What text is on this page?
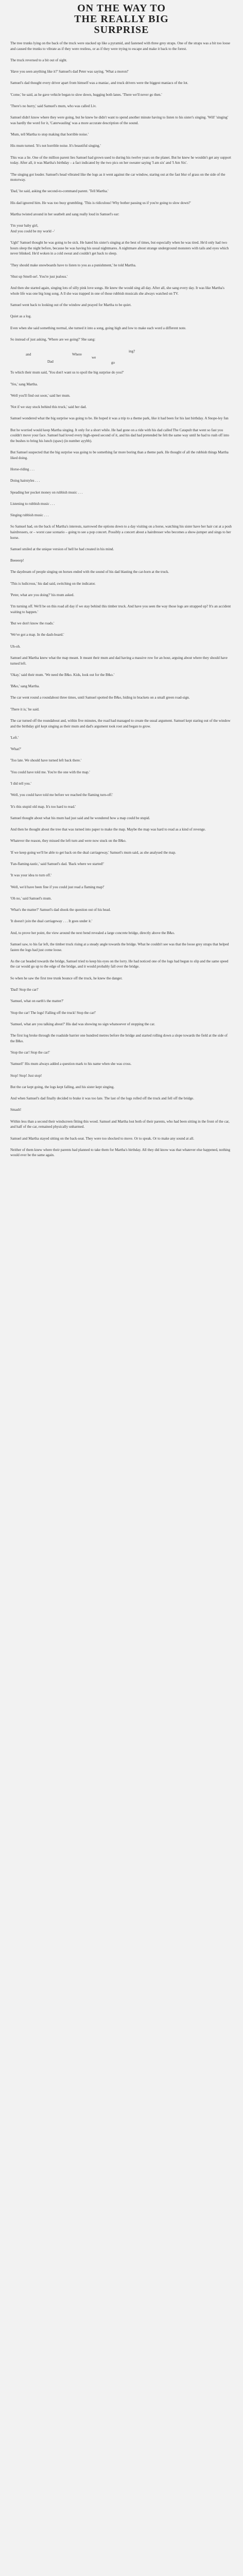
ON THE WAY TO
THE REALLY BIG
SURPRISE

The tree trunks lying on the back of the truck were stacked up like a pyramid, and fastened with three grey straps. One of the straps was a bit too loose and caused the trunks to vibrate as if they were restless, or as if they were trying to escape and make it back to the forest.

The truck reversed to a bit out of sight.

'Have you seen anything like it?' Samuel's dad Peter was saying. 'What a moron!'

Samuel's dad thought every driver apart from himself was a maniac, and truck drivers were the biggest maniacs of the lot.

'Come,' he said, as he gave vehicle began to slow down, hugging both lanes. 'There we'll never go then.'

'There's no hurry,' said Samuel's mum, who was called Liv.

Samuel didn't know where they were going, but he knew he didn't want to spend another minute having to listen to his sister's singing. 'Will' 'singing' was hardly the word for it, 'Caterwauling' was a more accurate description of the sound.

'Mum, tell Martha to stop making that horrible noise.'

His mum turned. 'It's not horrible noise. It's beautiful singing.'

This was a lie. One of the million parent lies Samuel had grown used to during his twelve years on the planet. But he knew he wouldn't get any support today. After all, it was Martha's birthday – a fact indicated by the two pics on her sweater saying 'I am six' and 'I Am Six'.

'The singing got louder. Samuel's head vibrated like the logs as it went against the car window, staring out at the fast blur of grass on the side of the motorway.

'Dad,' he said, asking the second-to-command parent. 'Tell Martha.'

His dad ignored him. He was too busy grumbling. 'This is ridiculous! Why bother passing us if you're going to slow down?'

Martha twisted around in her seatbelt and sang really loud in Samuel's ear:

'I'm your baby girl,
And you could be my world –'

'Ugh!' Samuel thought he was going to be sick. He hated his sister's singing at the best of times, but especially when he was tired. He'd only had two hours sleep the night before, because he was having his usual nightmares. A nightmare about strange underground monsters with tails and eyes which never blinked. He'd woken in a cold sweat and couldn't get back to sleep.

'They should make snowboards have to listen to you as a punishment,' he told Martha.

'Shut up Smell-ue!. You're just jealous.'

And then she started again, singing lots of silly pink love songs. He knew the would sing all day. After all, she sang every day. It was like Martha's whole life was one big long song. A ll she was trapped in one of those rubbish musicals she always watched on TV.

Samuel went back to looking out of the window and prayed for Martha to be quiet.

Quiet as a log.

Even when she said something normal, she turned it into a song, going high and low to make each word a different note.

So instead of just asking, 'Where are we going?' She sang:

and	Where
ing?
we
Dad	go

To which their mum said, 'You don't want us to spoil the big surprise do you?'

'Yes,' sang Martha.

'Well you'll find out soon,' said her mum.

'Not if we stay stuck behind this truck,' said her dad.

Samuel wondered what the big surprise was going to be. He hoped it was a trip to a theme park, like it had been for his last birthday. A Snope-ley fun

But he worried would keep Martha singing. It only for a short while. He had gone on a ride with his dad called The Catapult that went so fast you couldn't move your face. Samuel had loved every high-speed second of it, and his dad had pretended he felt the same way until he had to rush off into the bushes to bring his lunch (spaw) (in number ayybb).

But Samuel suspected that the big surprise was going to be something far more boring than a theme park. He thought of all the rubbish things Martha liked doing.

Horse-riding . . .

Doing hairstyles . . .

Speading her pocket money on rubbish music . . .

Listening to rubbish music . . .

Singing rubbish music . . .

So Samuel had, on the back of Martha's interests, narrowed the options down to a day visiting on a horse, watching his sister have her hair cut at a posh hairdressers, or – worst case scenario – going to see a pop concert. Possibly a concert about a hairdresser who becomes a show-jumper and sings to her horse.

Samuel smiled at the unique version of hell he had created in his mind.

Beeeeep!

The daydream of people singing on horses ended with the sound of his dad blasting the car-horn at the truck.

'This is ludicrous,' his dad said, switching on the indicator.

'Peter, what are you doing?' his mum asked.

'I'm turning off. We'll be on this road all day if we stay behind this timber truck. And have you seen the way those logs are strapped up? It's an accident waiting to happen.'

'But we don't know the roads.'

'We've got a map. In the dash-board.'

Uh-oh.

Samuel and Martha knew what the map meant. It meant their mum and dad having a massive row for an hour, arguing about where they should have turned left.

'Okay,' said their mum. 'We need the B&o. Kids, look out for the B&o.'

'B&o,' sang Martha.

The car went round a roundabout three times, until Samuel spotted the B&o, hiding in brackets on a small green road-sign.

'There it is,' he said.

The car turned off the roundabout and, within five minutes, the road had managed to create the usual argument. Samuel kept staring out of the window and the birthday girl kept singing as their mum and dad's argument took root and began to grow.

'Left.'

'What?'

'Too late. We should have turned left back there.'

'You could have told me. You're the one with the map.'

'I did tell you.'

'Well, you could have told me before we reached the flaming turn-off.'

'It's this stupid old map. It's too hard to read.'

Samuel thought about what his mum had just said and he wondered how a map could be stupid.

And then he thought about the tree that was turned into paper to make the map. Maybe the map was hard to read as a kind of revenge.

Whatever the reason, they missed the left turn and were now stuck on the B&o.

'If we keep going we'll be able to get back on the dual carriageway,' Samuel's mum said, as she analysed the map.

'Fan-flaming-tastic,' said Samuel's dad. 'Back where we started!'

'It was your idea to turn off.'

'Well, we'd have been fine if you could just read a flaming map!'

'Oh no,' said Samuel's mum.

'What's the matter?' Samuel's dad shook the question out of his head.

'It doesn't join the dual carriageway . . . It goes under it.'

And, to prove her point, the view around the next bend revealed a large concrete bridge, directly above the B&o.

Samuel saw, to his far left, the timber truck rising at a steady angle towards the bridge. What he couldn't see was that the loose grey straps that helped fasten the logs had just come loose.

As the car headed towards the bridge, Samuel tried to keep his eyes on the lorry. He had noticed one of the logs had begun to slip and the same speed the car would go up to the edge of the bridge, and it would probably fall over the bridge.

So when he saw the first tree trunk bounce off the truck, he knew the danger.

'Dad! Stop the car!'

'Samuel, what on earth's the matter?'

'Stop the car! The logs! Falling off the truck! Stop the car!'

'Samuel, what are you talking about?' His dad was showing no sign whatsoever of stopping the car.

The first log broke through the roadside barrier one hundred metres before the bridge and started rolling down a slope towards the field at the side of the B&o.

'Stop the car! Stop the car!'

'Samuel!' His mum always added a question mark to his name when she was cross.

Stop! Stop! Just stop!

But the car kept going, the logs kept falling, and his sister kept singing.

And when Samuel's dad finally decided to brake it was too late. The last of the logs rolled off the truck and fell off the bridge.

Smash!

Within less than a second their windscreen fitting this wood. Samuel and Martha lost both of their parents, who had been sitting in the front of the car, and half of the car, remained physically unharmed.

Samuel and Martha stayed sitting on the back-seat. They were too shocked to move. Or to speak. Or to make any sound at all.

Neither of them knew where their parents had planned to take them for Martha's birthday. All they did know was that whatever else happened, nothing would ever be the same again.
